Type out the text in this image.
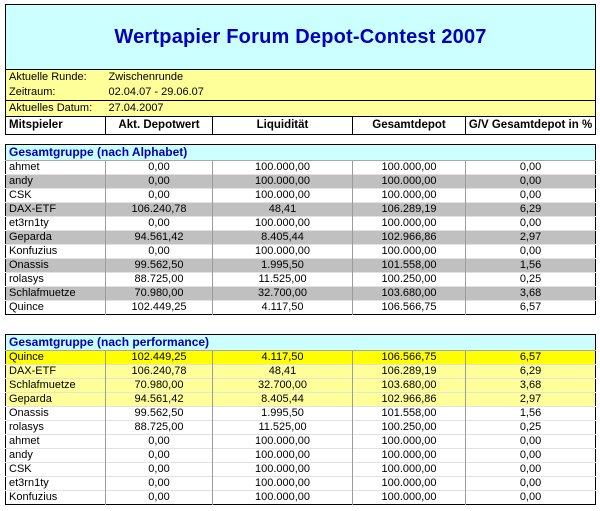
Wertpapier Forum Depot-Contest 2007				
Aktuelle Runde:	Zwischenrunde			
Zeitraum:	02.04.07 - 29.06.07			
Aktuelles Datum:	27.04.2007			
Mitspieler	Akt. Depotwert	Liquidität	Gesamtdepot	G/V Gesamtdepot in %
Gesamtgruppe (nach Alphabet)				
ahmet	0,00	100.000,00	100.000,00	0,00
andy	0,00	100.000,00	100.000,00	0,00
CSK	0,00	100.000,00	100.000,00	0,00
DAX-ETF	106.240,78	48,41	106.289,19	6,29
et3rn1ty	0,00	100.000,00	100.000,00	0,00
Geparda	94.561,42	8.405,44	102.966,86	2,97
Konfuzius	0,00	100.000,00	100.000,00	0,00
Onassis	99.562,50	1.995,50	101.558,00	1,56
rolasys	88.725,00	11.525,00	100.250,00	0,25
Schlafmuetze	70.980,00	32.700,00	103.680,00	3,68
Quince	102.449,25	4.117,50	106.566,75	6,57
Gesamtgruppe (nach performance)				
Quince	102.449,25	4.117,50	106.566,75	6,57
DAX-ETF	106.240,78	48,41	106.289,19	6,29
Schlafmuetze	70.980,00	32.700,00	103.680,00	3,68
Geparda	94.561,42	8.405,44	102.966,86	2,97
Onassis	99.562,50	1.995,50	101.558,00	1,56
rolasys	88.725,00	11.525,00	100.250,00	0,25
ahmet	0,00	100.000,00	100.000,00	0,00
andy	0,00	100.000,00	100.000,00	0,00
CSK	0,00	100.000,00	100.000,00	0,00
et3rn1ty	0,00	100.000,00	100.000,00	0,00
Konfuzius	0,00	100.000,00	100.000,00	0,00
